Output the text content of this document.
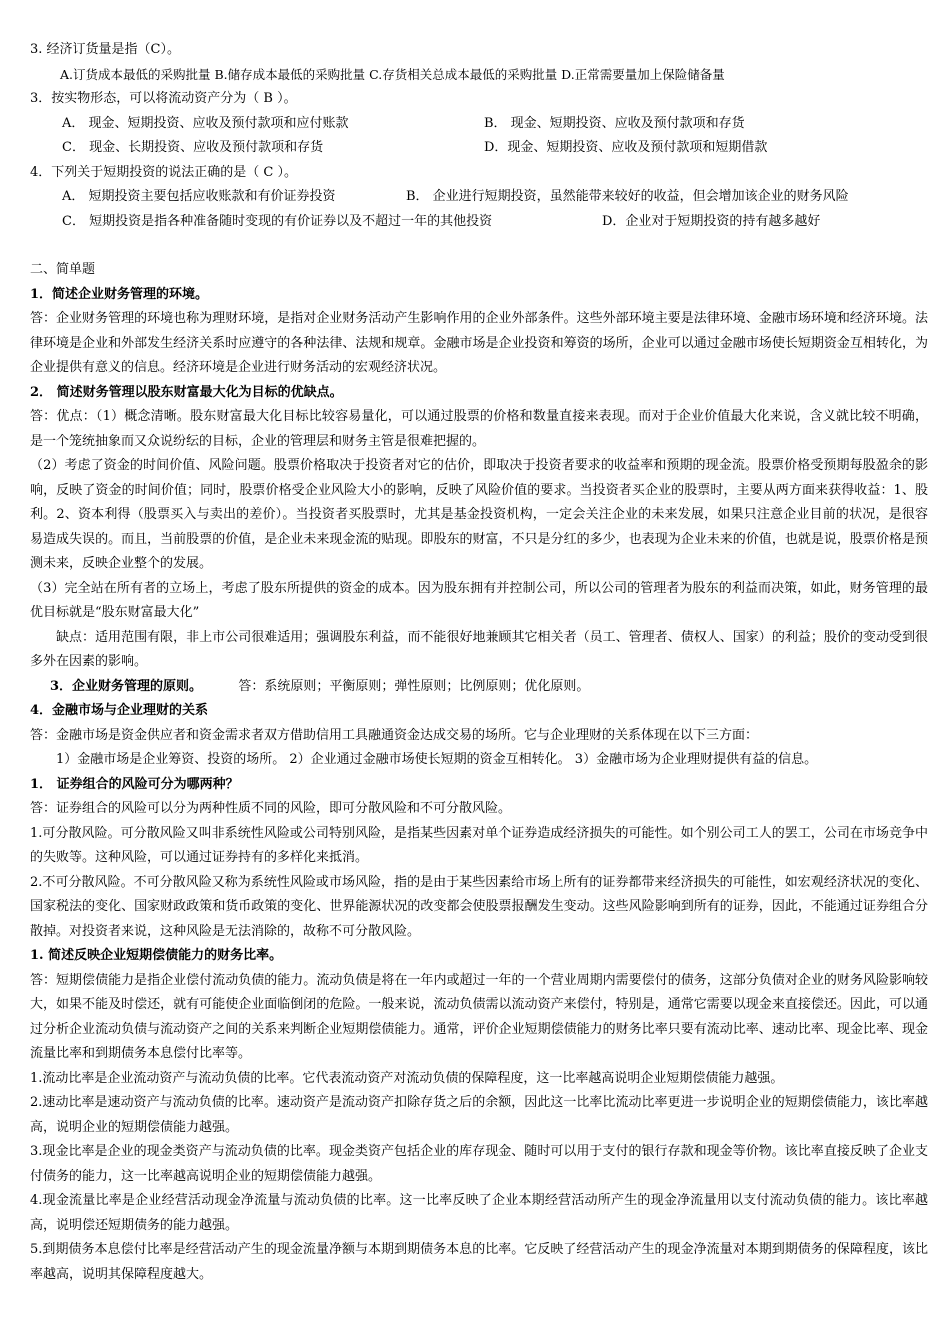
3. 经济订货量是指（C）。
A.订货成本最低的采购批量 B.储存成本最低的采购批量 C.存货相关总成本最低的采购批量 D.正常需要量加上保险储备量
3．按实物形态，可以将流动资产分为（ B ）。
A． 现金、短期投资、应收及预付款项和应付账款	B． 现金、短期投资、应收及预付款项和存货
C． 现金、长期投资、应收及预付款项和存货	D．现金、短期投资、应收及预付款项和短期借款
4．下列关于短期投资的说法正确的是（ C ）。
A． 短期投资主要包括应收账款和有价证券投资	B． 企业进行短期投资，虽然能带来较好的收益，但会增加该企业的财务风险
C． 短期投资是指各种准备随时变现的有价证券以及不超过一年的其他投资	D．企业对于短期投资的持有越多越好
二、简单题
1．简述企业财务管理的环境。
答：企业财务管理的环境也称为理财环境，是指对企业财务活动产生影响作用的企业外部条件。这些外部环境主要是法律环境、金融市场环境和经济环境。法律环境是企业和外部发生经济关系时应遵守的各种法律、法规和规章。金融市场是企业投资和筹资的场所，企业可以通过金融市场使长短期资金互相转化，为企业提供有意义的信息。经济环境是企业进行财务活动的宏观经济状况。
2． 简述财务管理以股东财富最大化为目标的优缺点。
答：优点：（1）概念清晰。股东财富最大化目标比较容易量化，可以通过股票的价格和数量直接来表现。而对于企业价值最大化来说，含义就比较不明确，是一个笼统抽象而又众说纷纭的目标，企业的管理层和财务主管是很难把握的。
（2）考虑了资金的时间价值、风险问题。股票价格取决于投资者对它的估价，即取决于投资者要求的收益率和预期的现金流。股票价格受预期每股盈余的影响，反映了资金的时间价值；同时，股票价格受企业风险大小的影响，反映了风险价值的要求。当投资者买企业的股票时，主要从两方面来获得收益：1、股利。2、资本利得（股票买入与卖出的差价）。当投资者买股票时，尤其是基金投资机构，一定会关注企业的未来发展，如果只注意企业目前的状况，是很容易造成失误的。而且，当前股票的价值，是企业未来现金流的贴现。即股东的财富，不只是分红的多少，也表现为企业未来的价值，也就是说，股票价格是预测未来，反映企业整个的发展。
（3）完全站在所有者的立场上，考虑了股东所提供的资金的成本。因为股东拥有并控制公司，所以公司的管理者为股东的利益而决策，如此，财务管理的最优目标就是“股东财富最大化”
缺点：适用范围有限，非上市公司很难适用；强调股东利益，而不能很好地兼顾其它相关者（员工、管理者、债权人、国家）的利益；股价的变动受到很多外在因素的影响。
3．企业财务管理的原则。	答：系统原则；平衡原则；弹性原则；比例原则；优化原则。
4．金融市场与企业理财的关系
答：金融市场是资金供应者和资金需求者双方借助信用工具融通资金达成交易的场所。它与企业理财的关系体现在以下三方面：
1）金融市场是企业筹资、投资的场所。 2）企业通过金融市场使长短期的资金互相转化。 3）金融市场为企业理财提供有益的信息。
1． 证券组合的风险可分为哪两种？
答：证券组合的风险可以分为两种性质不同的风险，即可分散风险和不可分散风险。
1.可分散风险。可分散风险又叫非系统性风险或公司特别风险，是指某些因素对单个证券造成经济损失的可能性。如个别公司工人的罢工，公司在市场竞争中的失败等。这种风险，可以通过证券持有的多样化来抵消。
2.不可分散风险。不可分散风险又称为系统性风险或市场风险，指的是由于某些因素给市场上所有的证券都带来经济损失的可能性，如宏观经济状况的变化、国家税法的变化、国家财政政策和货币政策的变化、世界能源状况的改变都会使股票报酬发生变动。这些风险影响到所有的证券，因此，不能通过证券组合分散掉。对投资者来说，这种风险是无法消除的，故称不可分散风险。
1. 简述反映企业短期偿债能力的财务比率。
答：短期偿债能力是指企业偿付流动负债的能力。流动负债是将在一年内或超过一年的一个营业周期内需要偿付的债务，这部分负债对企业的财务风险影响较大，如果不能及时偿还，就有可能使企业面临倒闭的危险。一般来说，流动负债需以流动资产来偿付，特别是，通常它需要以现金来直接偿还。因此，可以通过分析企业流动负债与流动资产之间的关系来判断企业短期偿债能力。通常，评价企业短期偿债能力的财务比率只要有流动比率、速动比率、现金比率、现金流量比率和到期债务本息偿付比率等。
1.流动比率是企业流动资产与流动负债的比率。它代表流动资产对流动负债的保障程度，这一比率越高说明企业短期偿债能力越强。
2.速动比率是速动资产与流动负债的比率。速动资产是流动资产扣除存货之后的余额，因此这一比率比流动比率更进一步说明企业的短期偿债能力，该比率越高，说明企业的短期偿债能力越强。
3.现金比率是企业的现金类资产与流动负债的比率。现金类资产包括企业的库存现金、随时可以用于支付的银行存款和现金等价物。该比率直接反映了企业支付债务的能力，这一比率越高说明企业的短期偿债能力越强。
4.现金流量比率是企业经营活动现金净流量与流动负债的比率。这一比率反映了企业本期经营活动所产生的现金净流量用以支付流动负债的能力。该比率越高，说明偿还短期债务的能力越强。
5.到期债务本息偿付比率是经营活动产生的现金流量净额与本期到期债务本息的比率。它反映了经营活动产生的现金净流量对本期到期债务的保障程度，该比率越高，说明其保障程度越大。
